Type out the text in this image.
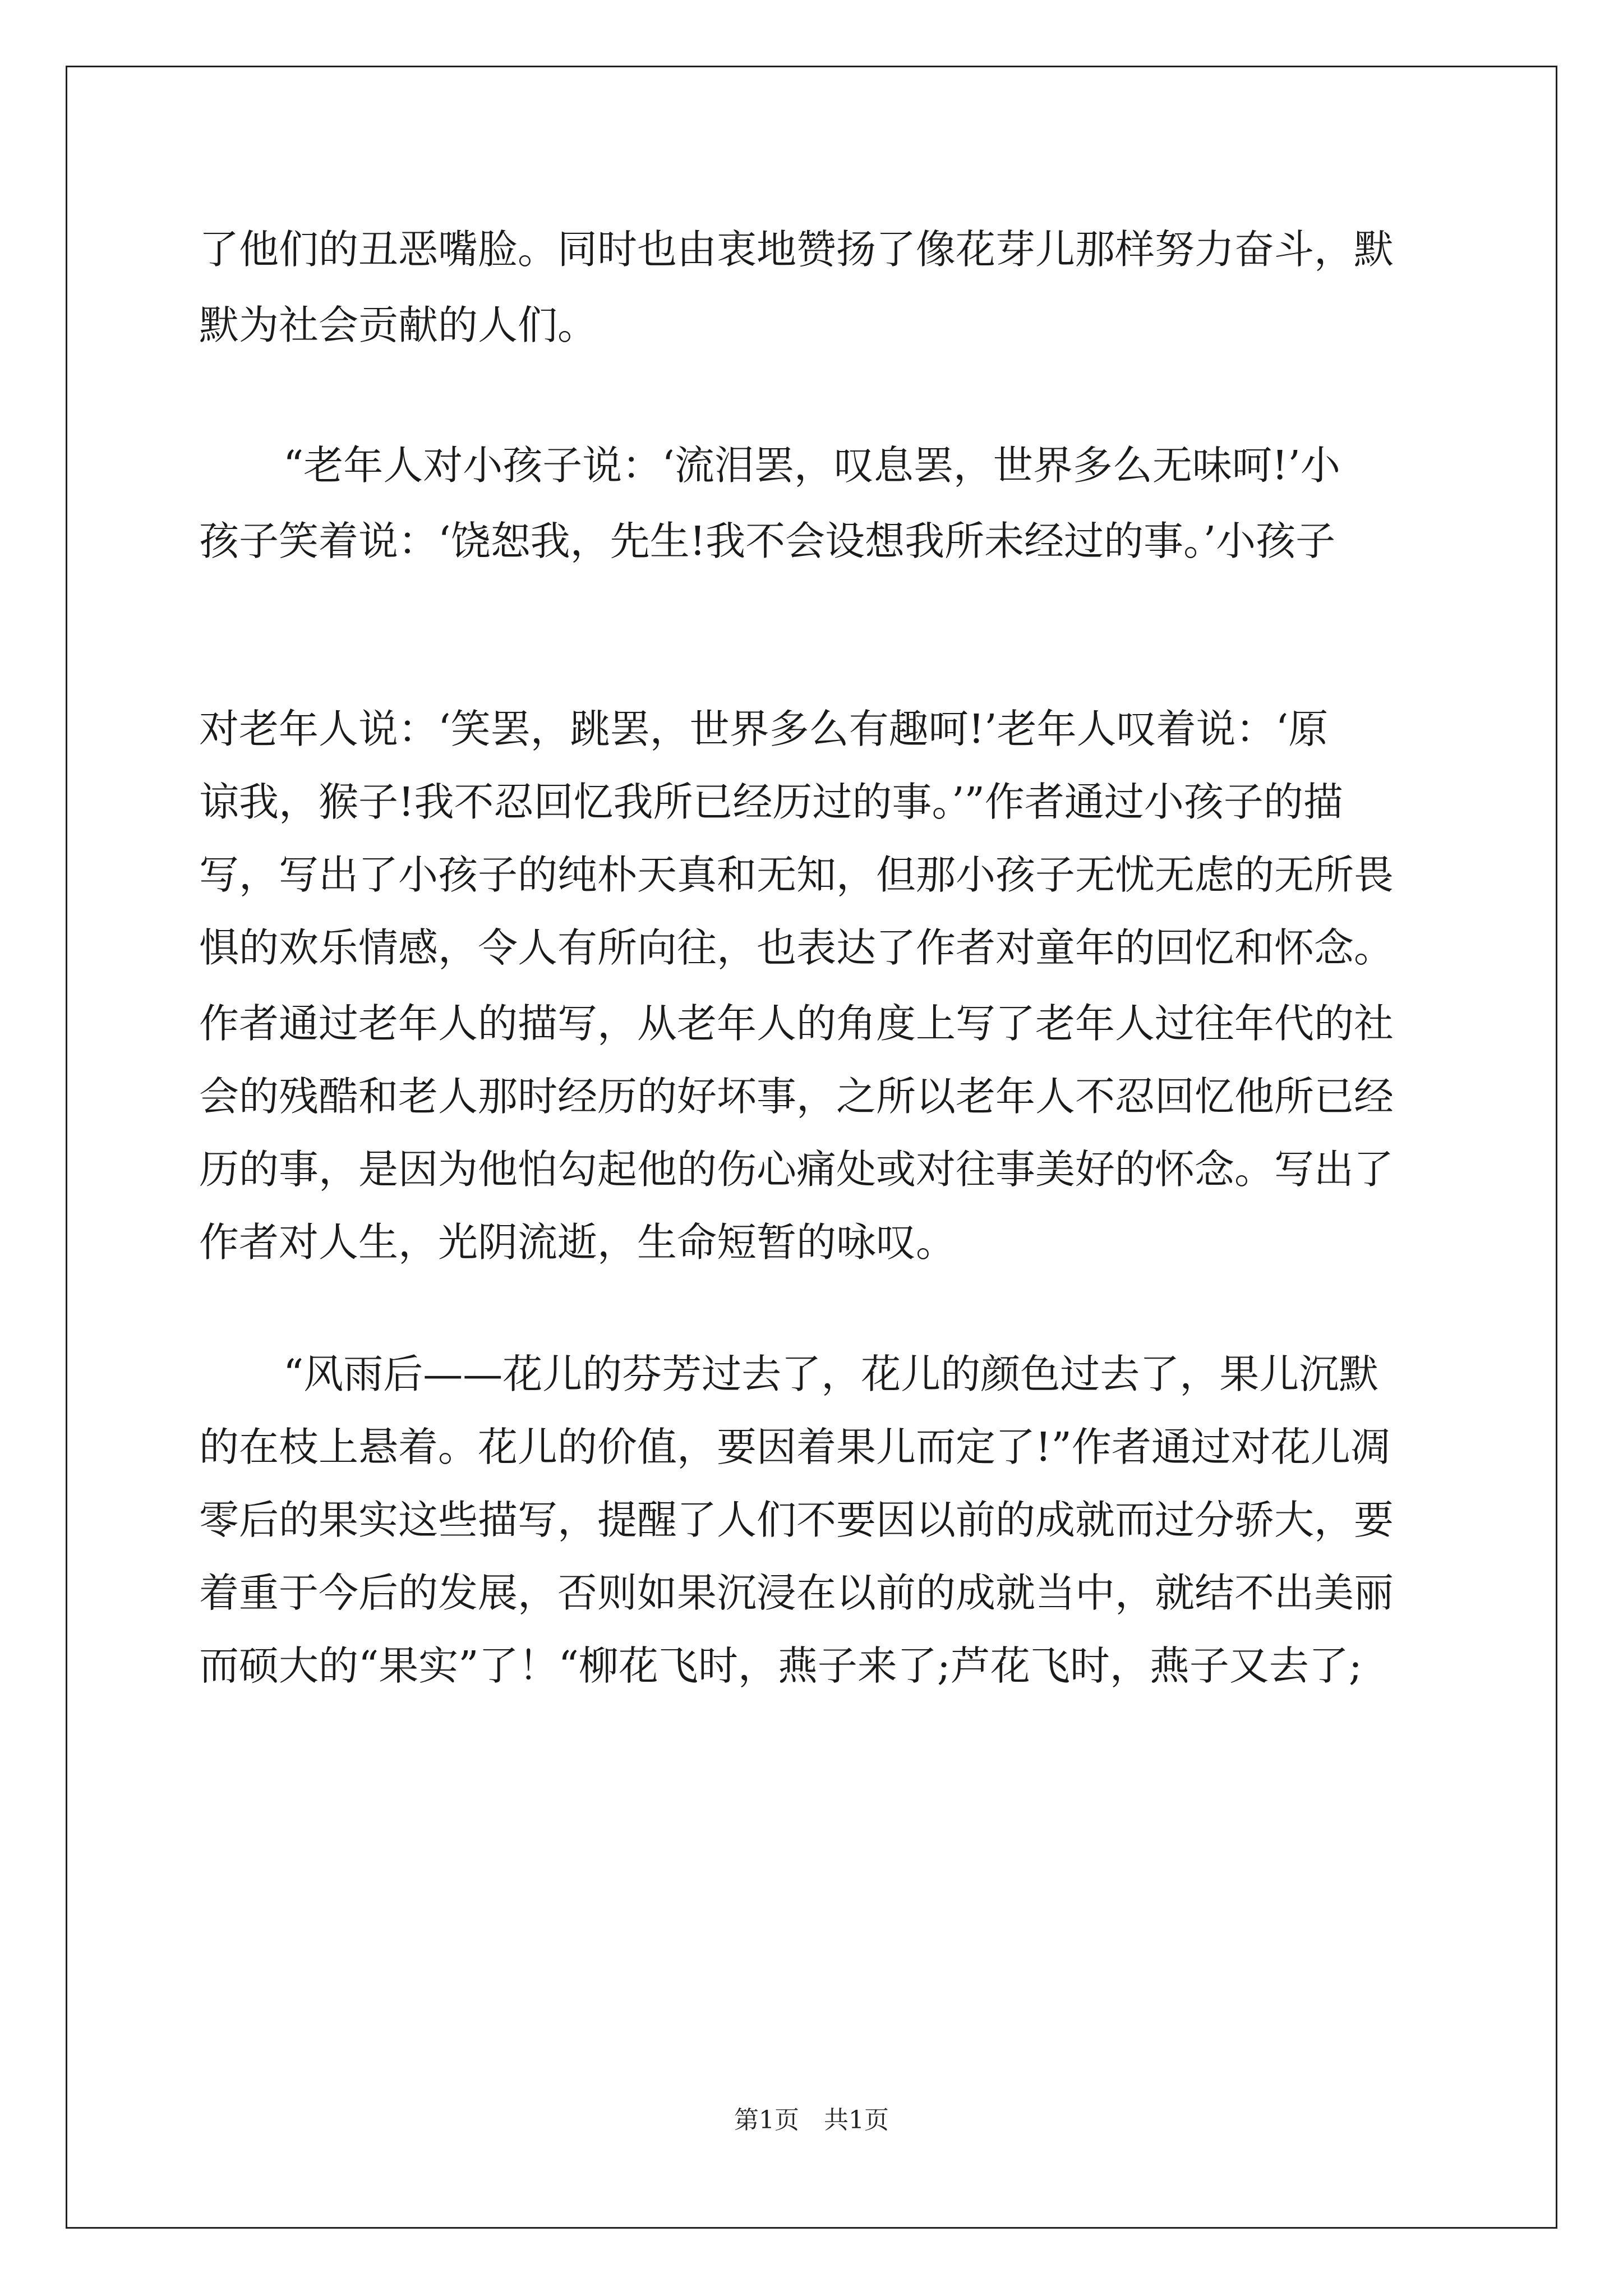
了他们的丑恶嘴脸。同时也由衷地赞扬了像花芽儿那样努力奋斗，默
默为社会贡献的人们。
“老年人对小孩子说：‘流泪罢，叹息罢，世界多么无味呵!’小
孩子笑着说：‘饶恕我，先生!我不会设想我所未经过的事。’小孩子
对老年人说：‘笑罢，跳罢，世界多么有趣呵!’老年人叹着说：‘原
谅我，猴子!我不忍回忆我所已经历过的事。’”作者通过小孩子的描
写，写出了小孩子的纯朴天真和无知，但那小孩子无忧无虑的无所畏
惧的欢乐情感，令人有所向往，也表达了作者对童年的回忆和怀念。
作者通过老年人的描写，从老年人的角度上写了老年人过往年代的社
会的残酷和老人那时经历的好坏事，之所以老年人不忍回忆他所已经
历的事，是因为他怕勾起他的伤心痛处或对往事美好的怀念。写出了
作者对人生，光阴流逝，生命短暂的咏叹。
“风雨后——花儿的芬芳过去了，花儿的颜色过去了，果儿沉默
的在枝上悬着。花儿的价值，要因着果儿而定了!”作者通过对花儿凋
零后的果实这些描写，提醒了人们不要因以前的成就而过分骄大，要
着重于今后的发展，否则如果沉浸在以前的成就当中，就结不出美丽
而硕大的“果实”了！“柳花飞时，燕子来了;芦花飞时，燕子又去了;
第1页　共1页
